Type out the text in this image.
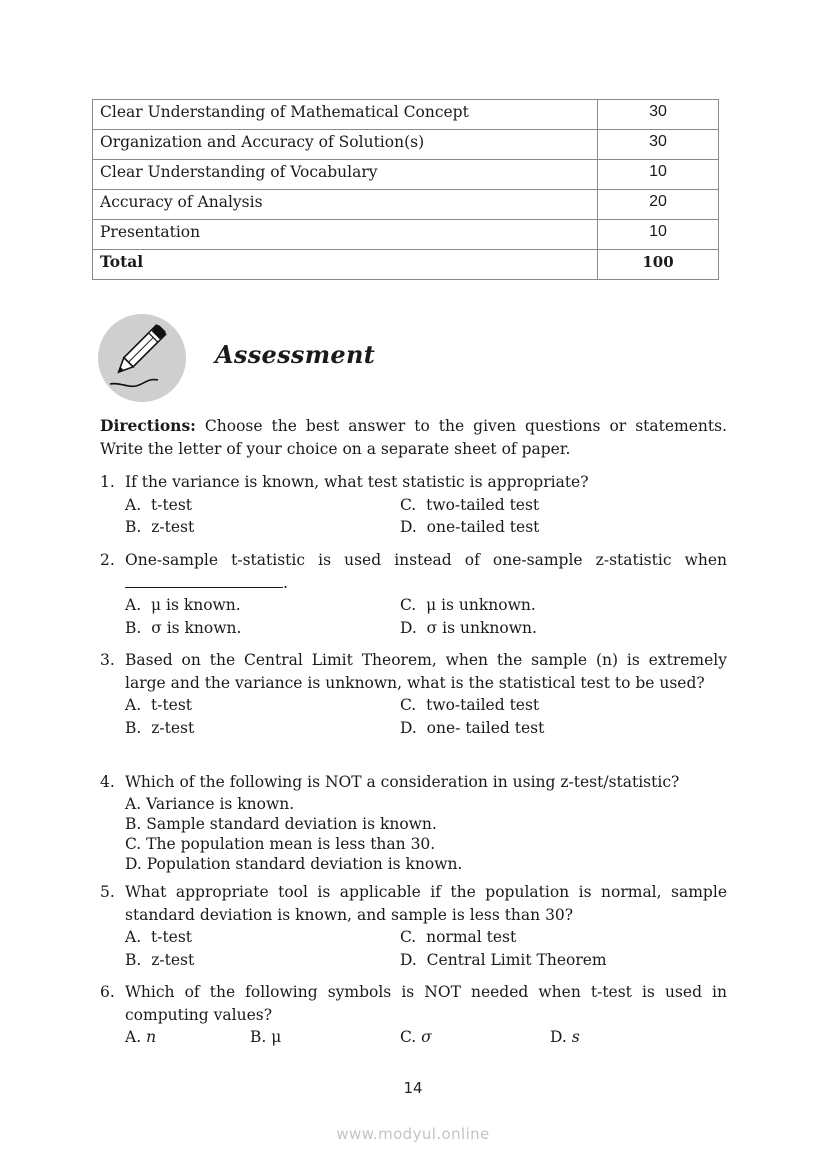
Clear Understanding of Mathematical Concept	30
Organization and Accuracy of Solution(s)	30
Clear Understanding of Vocabulary	10
Accuracy of Analysis	20
Presentation	10
Total	100
Assessment
Directions: Choose the best answer to the given questions or statements. Write the letter of your choice on a separate sheet of paper.
1. If the variance is known, what test statistic is appropriate?
A. t-test	C. two-tailed test
B. z-test	D. one-tailed test
2. One-sample t-statistic is used instead of one-sample z-statistic when
.
A. μ is known.	C. μ is unknown.
B. σ is known.	D. σ is unknown.
3. Based on the Central Limit Theorem, when the sample (n) is extremely large and the variance is unknown, what is the statistical test to be used?
A. t-test	C. two-tailed test
B. z-test	D. one- tailed test
4. Which of the following is NOT a consideration in using z-test/statistic?
A. Variance is known.
B. Sample standard deviation is known.
C. The population mean is less than 30.
D. Population standard deviation is known.
5. What appropriate tool is applicable if the population is normal, sample standard deviation is known, and sample is less than 30?
A. t-test	C. normal test
B. z-test	D. Central Limit Theorem
6. Which of the following symbols is NOT needed when t-test is used in computing values?
A. n	B. μ	C. σ	D. s
14
www.modyul.online
